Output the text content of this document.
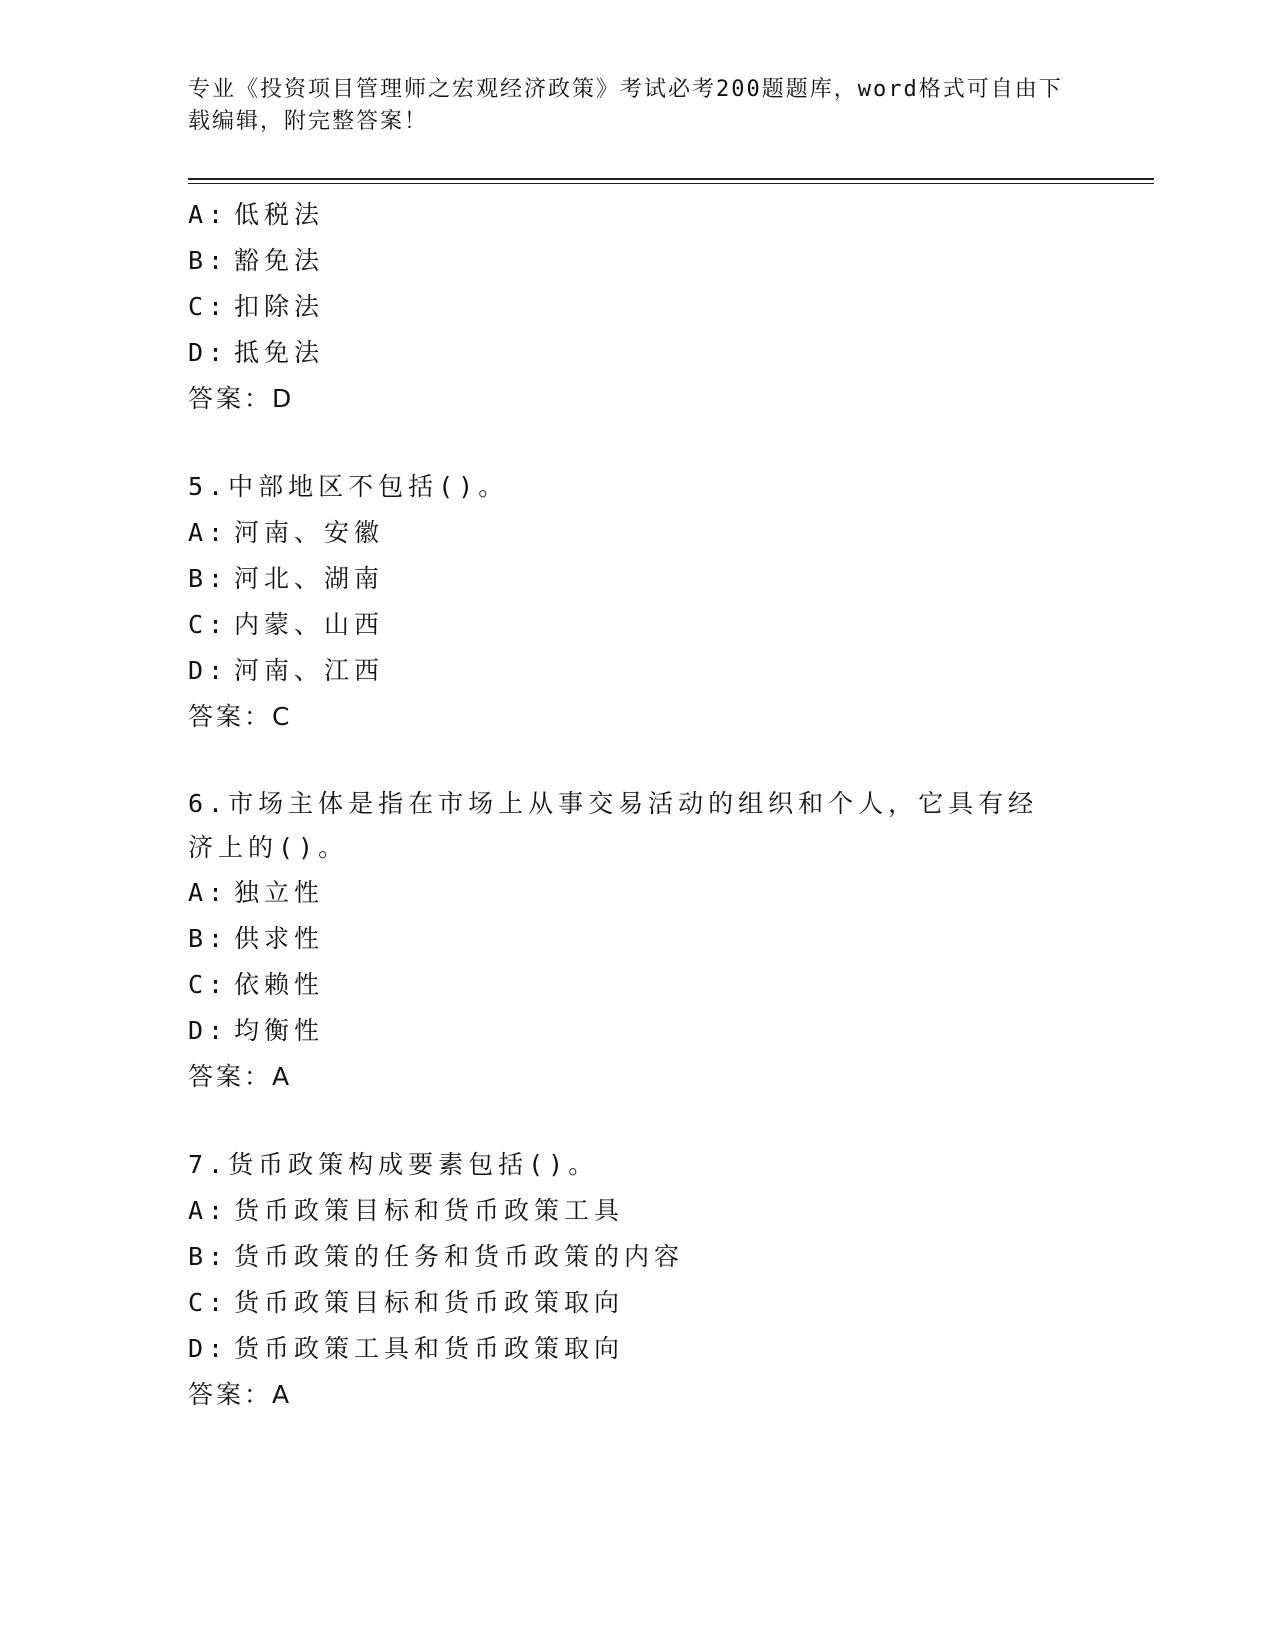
专业《投资项目管理师之宏观经济政策》考试必考200题题库，word格式可自由下载编辑，附完整答案！
A: 低税法
B: 豁免法
C: 扣除法
D: 抵免法
答案：D
5.中部地区不包括()。
A: 河南、安徽
B: 河北、湖南
C: 内蒙、山西
D: 河南、江西
答案：C
6.市场主体是指在市场上从事交易活动的组织和个人，它具有经济上的()。
A: 独立性
B: 供求性
C: 依赖性
D: 均衡性
答案：A
7.货币政策构成要素包括()。
A: 货币政策目标和货币政策工具
B: 货币政策的任务和货币政策的内容
C: 货币政策目标和货币政策取向
D: 货币政策工具和货币政策取向
答案：A
